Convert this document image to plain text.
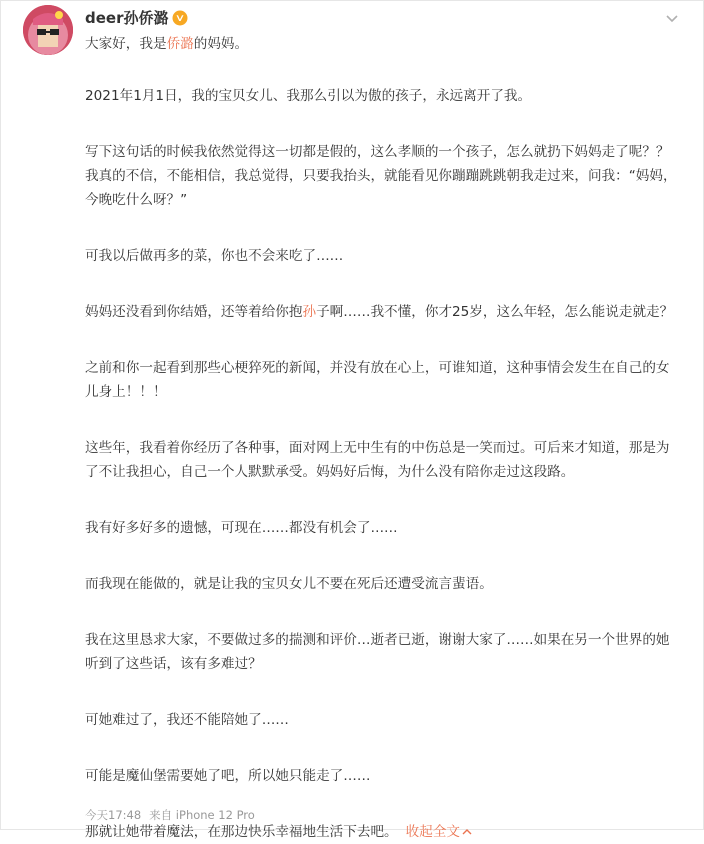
deer孙侨潞

大家好，我是侨潞的妈妈。

2021年1月1日，我的宝贝女儿、我那么引以为傲的孩子，永远离开了我。

写下这句话的时候我依然觉得这一切都是假的，这么孝顺的一个孩子，怎么就扔下妈妈走了呢？？我真的不信，不能相信，我总觉得，只要我抬头，就能看见你蹦蹦跳跳朝我走过来，问我：“妈妈，今晚吃什么呀？”

可我以后做再多的菜，你也不会来吃了……

妈妈还没看到你结婚，还等着给你抱孙子啊……我不懂，你才25岁，这么年轻，怎么能说走就走？

之前和你一起看到那些心梗猝死的新闻，并没有放在心上，可谁知道，这种事情会发生在自己的女儿身上！！！

这些年，我看着你经历了各种事，面对网上无中生有的中伤总是一笑而过。可后来才知道，那是为了不让我担心，自己一个人默默承受。妈妈好后悔，为什么没有陪你走过这段路。

我有好多好多的遗憾，可现在……都没有机会了……

而我现在能做的，就是让我的宝贝女儿不要在死后还遭受流言蜚语。

我在这里恳求大家，不要做过多的揣测和评价…逝者已逝，谢谢大家了……如果在另一个世界的她听到了这些话，该有多难过？

可她难过了，我还不能陪她了……

可能是魔仙堡需要她了吧，所以她只能走了……

那就让她带着魔法，在那边快乐幸福地生活下去吧。 收起全文

今天17:48 来自 iPhone 12 Pro
